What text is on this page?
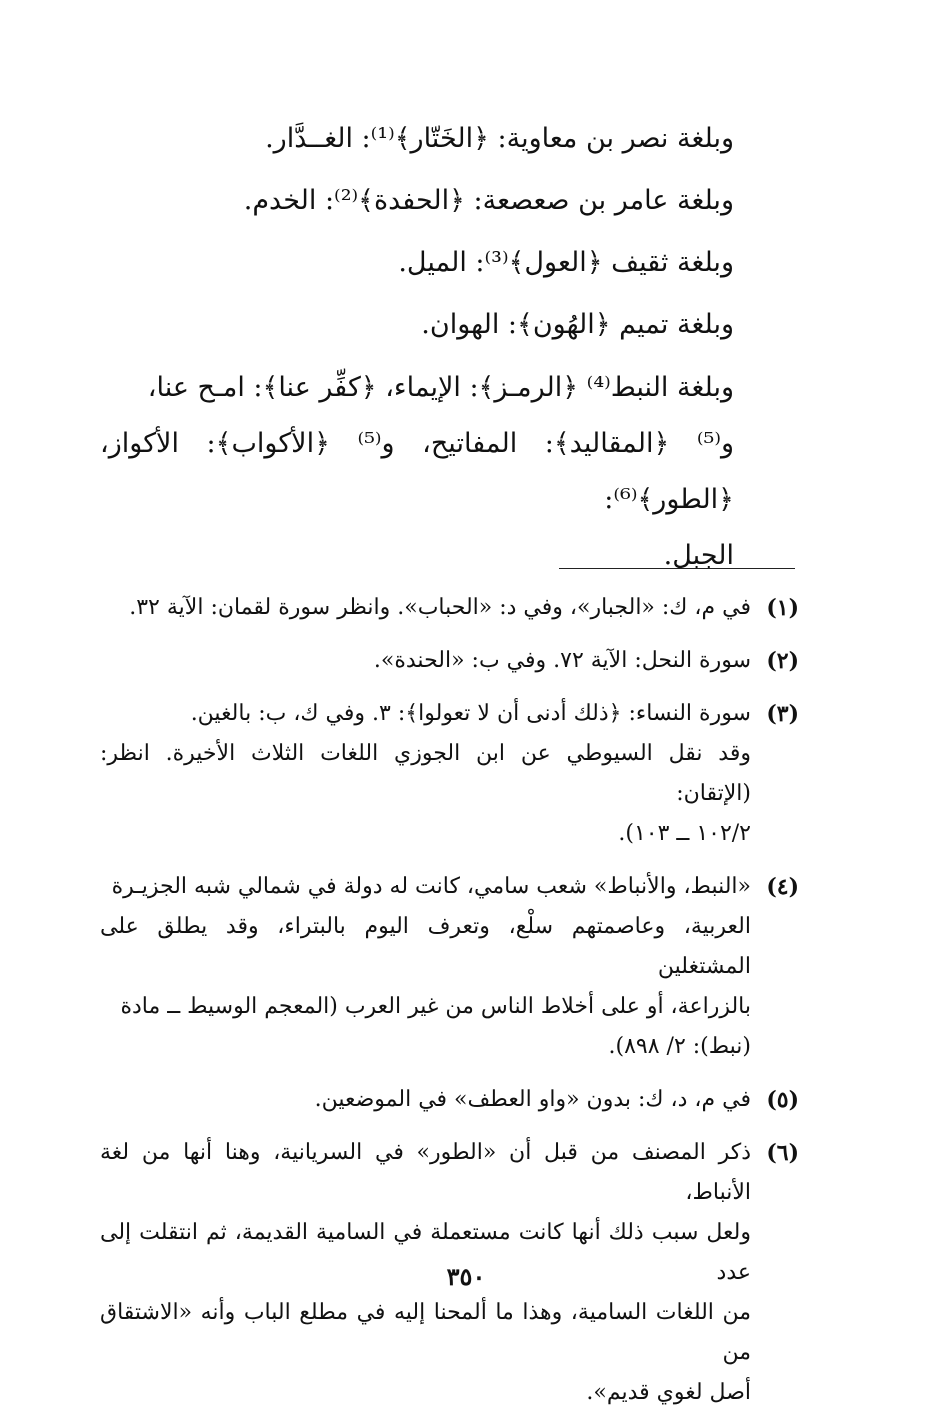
وبلغة نصر بن معاوية: ﴿الخَتّار﴾⁽¹⁾: الغــدَّار.
وبلغة عامر بن صعصعة: ﴿الحفدة﴾⁽²⁾: الخدم.
وبلغة ثقيف ﴿العول﴾⁽³⁾: الميل.
وبلغة تميم ﴿الهُون﴾: الهوان.
وبلغة النبط⁽⁴⁾ ﴿الرمـز﴾: الإيماء، ﴿كفِّر عنا﴾: امـح عنا،
و⁽⁵⁾ ﴿المقاليد﴾: المفاتيح، و⁽⁵⁾ ﴿الأكواب﴾: الأكواز، ﴿الطور﴾⁽⁶⁾:
الجبل.
(١)
في م، ك: «الجبار»، وفي د: «الحباب». وانظر سورة لقمان: الآية ٣٢.
(٢)
سورة النحل: الآية ٧٢. وفي ب: «الحندة».
(٣)
سورة النساء: ﴿ذلك أدنى أن لا تعولوا﴾: ٣. وفي ك، ب: بالغين.
وقد نقل السيوطي عن ابن الجوزي اللغات الثلاث الأخيرة. انظر: (الإتقان:
١٠٢/٢ ــ ١٠٣).
(٤)
«النبط، والأنباط» شعب سامي، كانت له دولة في شمالي شبه الجزيـرة
العربية، وعاصمتهم سلْع، وتعرف اليوم بالبتراء، وقد يطلق على المشتغلين
بالزراعة، أو على أخلاط الناس من غير العرب (المعجم الوسيط ــ مادة
(نبط): ٢/ ٨٩٨).
(٥)
في م، د، ك: بدون «واو العطف» في الموضعين.
(٦)
ذكر المصنف من قبل أن «الطور» في السريانية، وهنا أنها من لغة الأنباط،
ولعل سبب ذلك أنها كانت مستعملة في السامية القديمة، ثم انتقلت إلى عدد
من اللغات السامية، وهذا ما ألمحنا إليه في مطلع الباب وأنه «الاشتقاق من
أصل لغوي قديم».
٣٥٠
